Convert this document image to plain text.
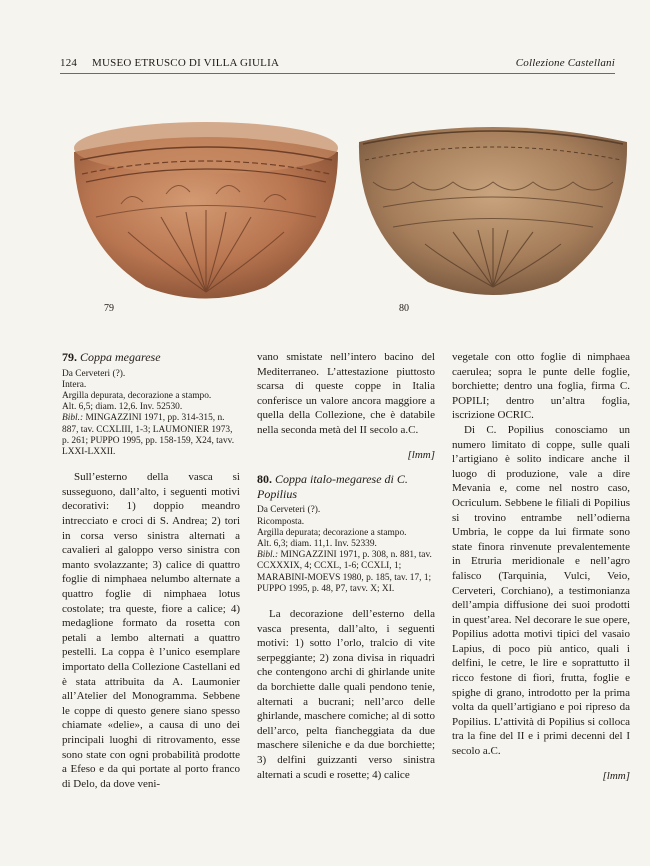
124 MUSEO ETRUSCO DI VILLA GIULIA	Collezione Castellani
79	80
79. Coppa megarese
Da Cerveteri (?).
Intera.
Argilla depurata, decorazione a stampo.
Alt. 6,5; diam. 12,6. Inv. 52530.
Bibl.: MINGAZZINI 1971, pp. 314-315, n. 887, tav. CCXLIII, 1-3; LAUMONIER 1973, p. 261; PUPPO 1995, pp. 158-159, X24, tavv. LXXI-LXXII.

Sull’esterno della vasca si susseguono, dall’alto, i seguenti motivi decorativi: 1) doppio meandro intrecciato e croci di S. Andrea; 2) tori in corsa verso sinistra alternati a cavalieri al galoppo verso sinistra con manto svolazzante; 3) calice di quattro foglie di nimphaea nelumbo alternate a quattro foglie di nimphaea lotus costolate; tra queste, fiore a calice; 4) medaglione formato da rosetta con petali a lembo alternati a quattro pestelli. La coppa è l’unico esemplare importato della Collezione Castellani ed è stata attribuita da A. Laumonier all’Atelier del Monogramma. Sebbene le coppe di questo genere siano spesso chiamate «delie», a causa di uno dei principali luoghi di ritrovamento, esse sono state con ogni probabilità prodotte a Efeso e da qui portate al porto franco di Delo, da dove veni-

vano smistate nell’intero bacino del Mediterraneo. L’attestazione piuttosto scarsa di queste coppe in Italia conferisce un valore ancora maggiore a quella della Collezione, che è databile nella seconda metà del II secolo a.C.

[lmm]
80. Coppa italo-megarese di C. Popilius
Da Cerveteri (?).
Ricomposta.
Argilla depurata; decorazione a stampo.
Alt. 6,3; diam. 11,1. Inv. 52339.
Bibl.: MINGAZZINI 1971, p. 308, n. 881, tav. CCXXXIX, 4; CCXL, 1-6; CCXLI, 1; MARABINI-MOEVS 1980, p. 185, tav. 17, 1; PUPPO 1995, p. 48, P7, tavv. X; XI.

La decorazione dell’esterno della vasca presenta, dall’alto, i seguenti motivi: 1) sotto l’orlo, tralcio di vite serpeggiante; 2) zona divisa in riquadri che contengono archi di ghirlande unite da borchiette dalle quali pendono tenie, alternati a bucrani; nell’arco delle ghirlande, maschere comiche; al di sotto dell’arco, pelta fiancheggiata da due maschere sileniche e da due borchiette; 3) delfini guizzanti verso sinistra alternati a scudi e rosette; 4) calice

vegetale con otto foglie di nimphaea caerulea; sopra le punte delle foglie, borchiette; dentro una foglia, firma C. POPILI; dentro un’altra foglia, iscrizione OCRIC.

Di C. Popilius conosciamo un numero limitato di coppe, sulle quali l’artigiano è solito indicare anche il luogo di produzione, vale a dire Mevania e, come nel nostro caso, Ocriculum. Sebbene le filiali di Popilius si trovino entrambe nell’odierna Umbria, le coppe da lui firmate sono state finora rinvenute prevalentemente in Etruria meridionale e nell’agro falisco (Tarquinia, Vulci, Veio, Cerveteri, Corchiano), a testimonianza dell’ampia diffusione dei suoi prodotti in quest’area. Nel decorare le sue opere, Popilius adotta motivi tipici del vasaio Lapius, di poco più antico, quali i delfini, le cetre, le lire e soprattutto il ricco festone di fiori, frutta, foglie e spighe di grano, introdotto per la prima volta da quell’artigiano e poi ripreso da Popilius. L’attività di Popilius si colloca tra la fine del II e i primi decenni del I secolo a.C.

[lmm]
